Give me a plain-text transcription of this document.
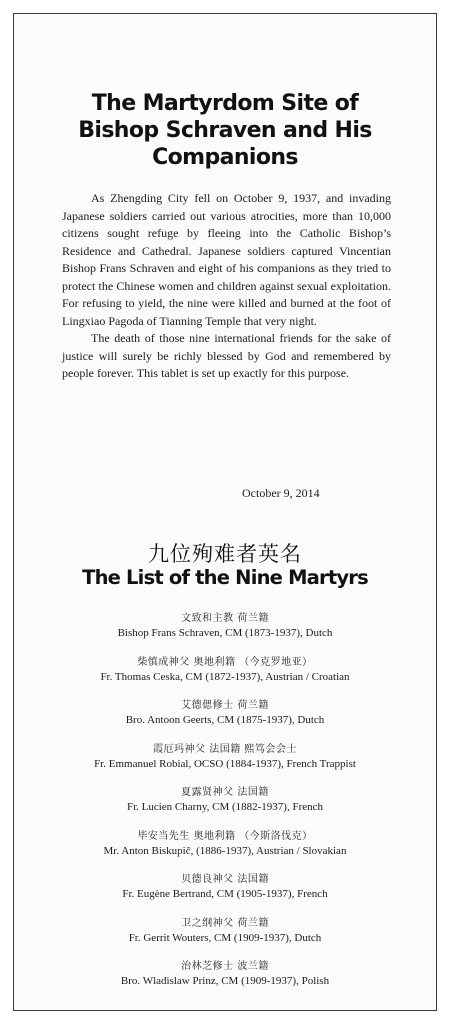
The Martyrdom Site of
Bishop Schraven and His
Companions

As Zhengding City fell on October 9, 1937, and invading Japanese soldiers carried out various atrocities, more than 10,000 citizens sought refuge by fleeing into the Catholic Bishop’s Residence and Cathedral. Japanese soldiers captured Vincentian Bishop Frans Schraven and eight of his companions as they tried to protect the Chinese women and children against sexual exploitation. For refusing to yield, the nine were killed and burned at the foot of Lingxiao Pagoda of Tianning Temple that very night.

The death of those nine international friends for the sake of justice will surely be richly blessed by God and remembered by people forever. This tablet is set up exactly for this purpose.

October 9, 2014
九位殉难者英名
The List of the Nine Martyrs
文致和主教 荷兰籍
Bishop Frans Schraven, CM (1873-1937), Dutch
柴慎成神父 奥地利籍 （今克罗地亚）
Fr. Thomas Ceska, CM (1872-1937), Austrian / Croatian
艾德偲修士 荷兰籍
Bro. Antoon Geerts, CM (1875-1937), Dutch
霞厄玛神父 法国籍 熙笃会会士
Fr. Emmanuel Robial, OCSO (1884-1937), French Trappist
夏露贤神父 法国籍
Fr. Lucien Charny, CM (1882-1937), French
毕安当先生 奥地利籍 （今斯洛伐克）
Mr. Anton Biskupič, (1886-1937), Austrian / Slovakian
贝德良神父 法国籍
Fr. Eugène Bertrand, CM (1905-1937), French
卫之纲神父 荷兰籍
Fr. Gerrit Wouters, CM (1909-1937), Dutch
治林芝修士 波兰籍
Bro. Wladislaw Prinz, CM (1909-1937), Polish
